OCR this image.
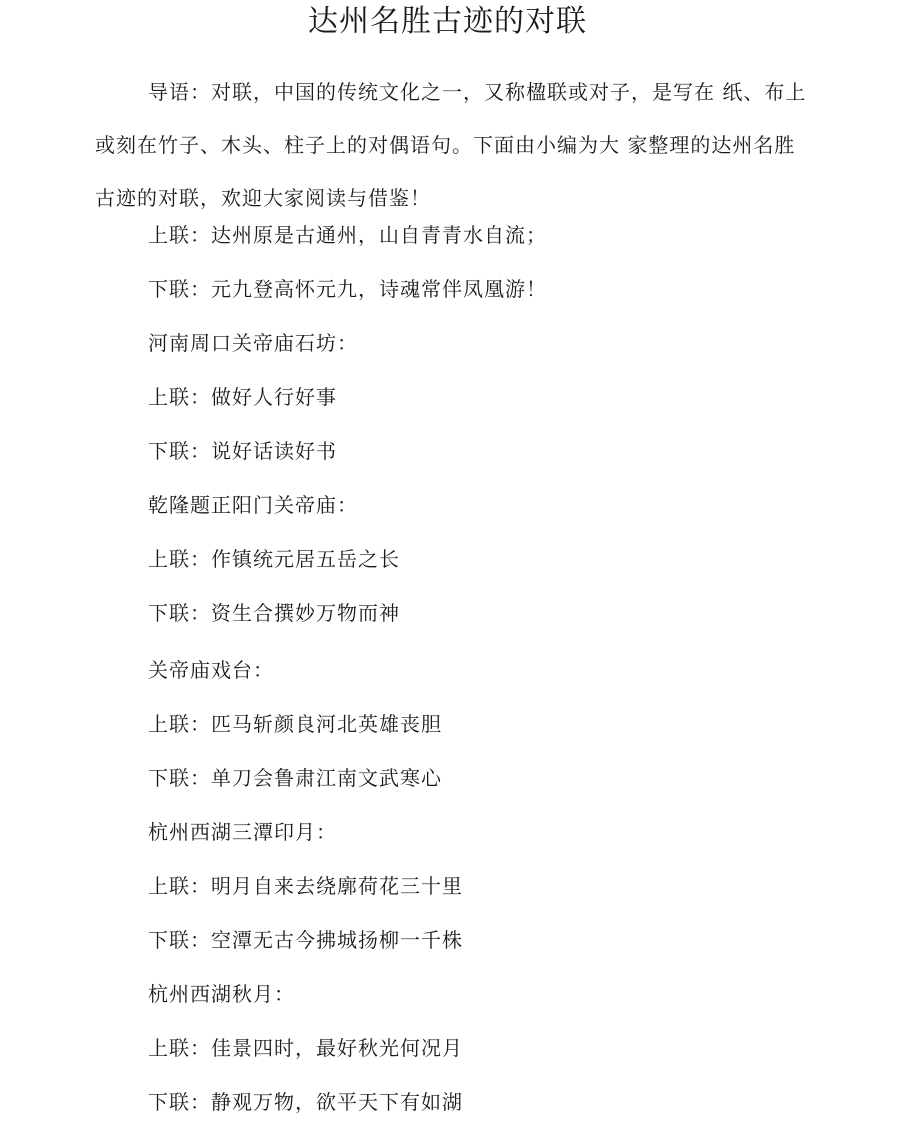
达州名胜古迹的对联
导语：对联，中国的传统文化之一，又称楹联或对子，是写在 纸、布上或刻在竹子、木头、柱子上的对偶语句。下面由小编为大 家整理的达州名胜古迹的对联，欢迎大家阅读与借鉴！
上联：达州原是古通州，山自青青水自流；
下联：元九登高怀元九，诗魂常伴凤凰游！
河南周口关帝庙石坊：
上联：做好人行好事
下联：说好话读好书
乾隆题正阳门关帝庙：
上联：作镇统元居五岳之长
下联：资生合撰妙万物而神
关帝庙戏台：
上联：匹马斩颜良河北英雄丧胆
下联：单刀会鲁肃江南文武寒心
杭州西湖三潭印月：
上联：明月自来去绕廓荷花三十里
下联：空潭无古今拂城扬柳一千株
杭州西湖秋月：
上联：佳景四时，最好秋光何况月
下联：静观万物，欲平天下有如湖
